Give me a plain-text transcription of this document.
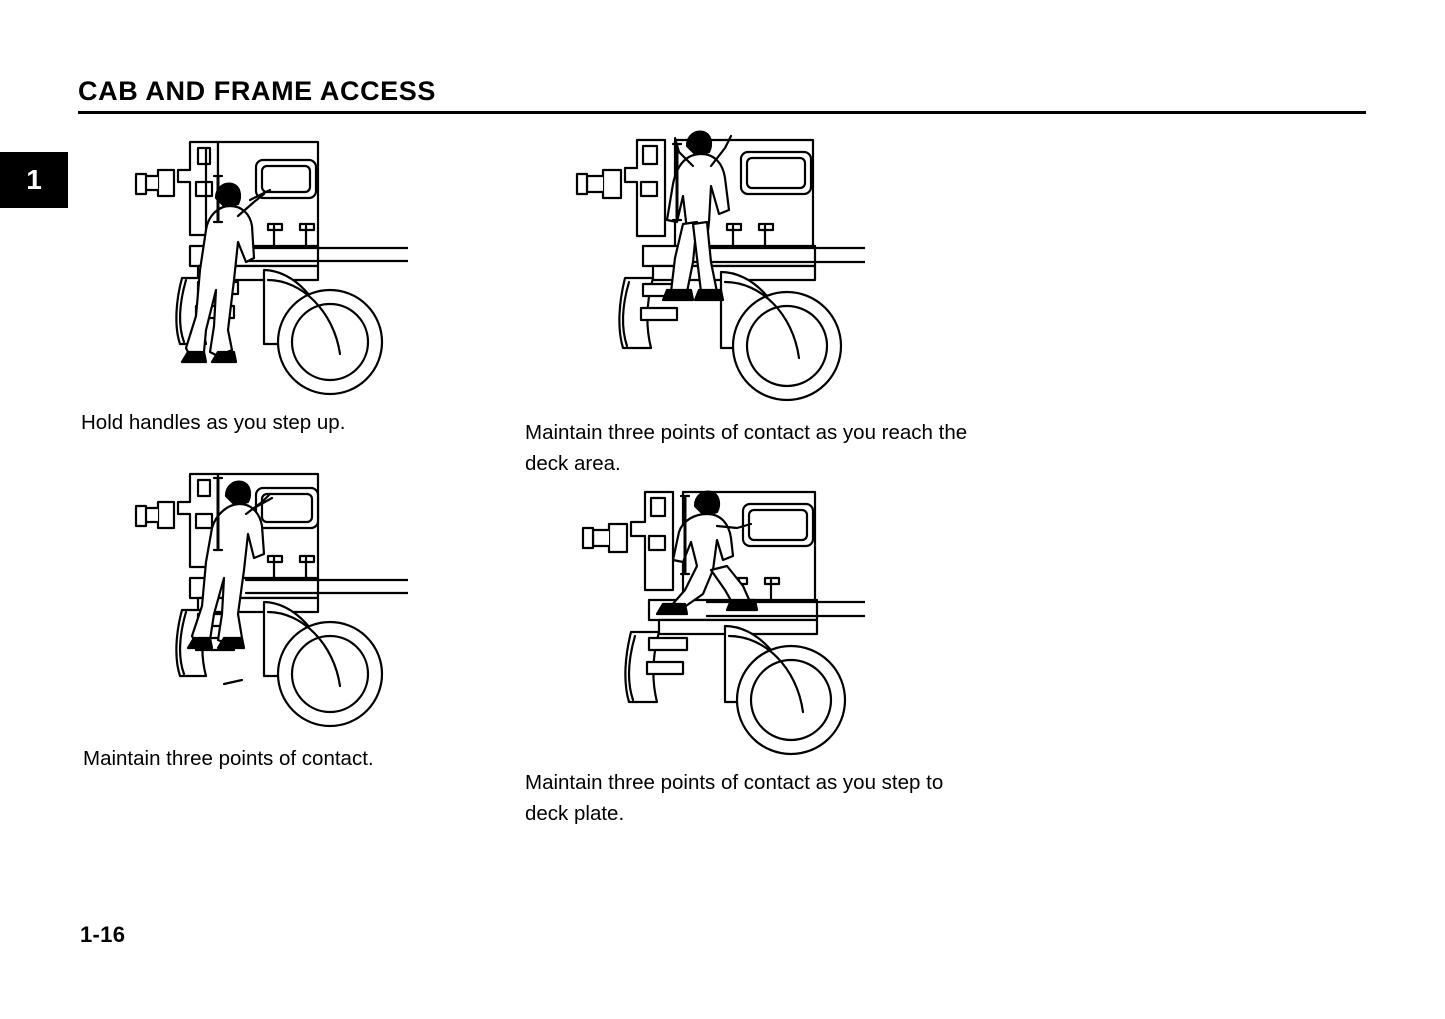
CAB AND FRAME ACCESS
1
Hold handles as you step up.	Maintain three points of contact as you reach the deck area.
Maintain three points of contact.
Maintain three points of contact as you step to deck plate.
1-16
